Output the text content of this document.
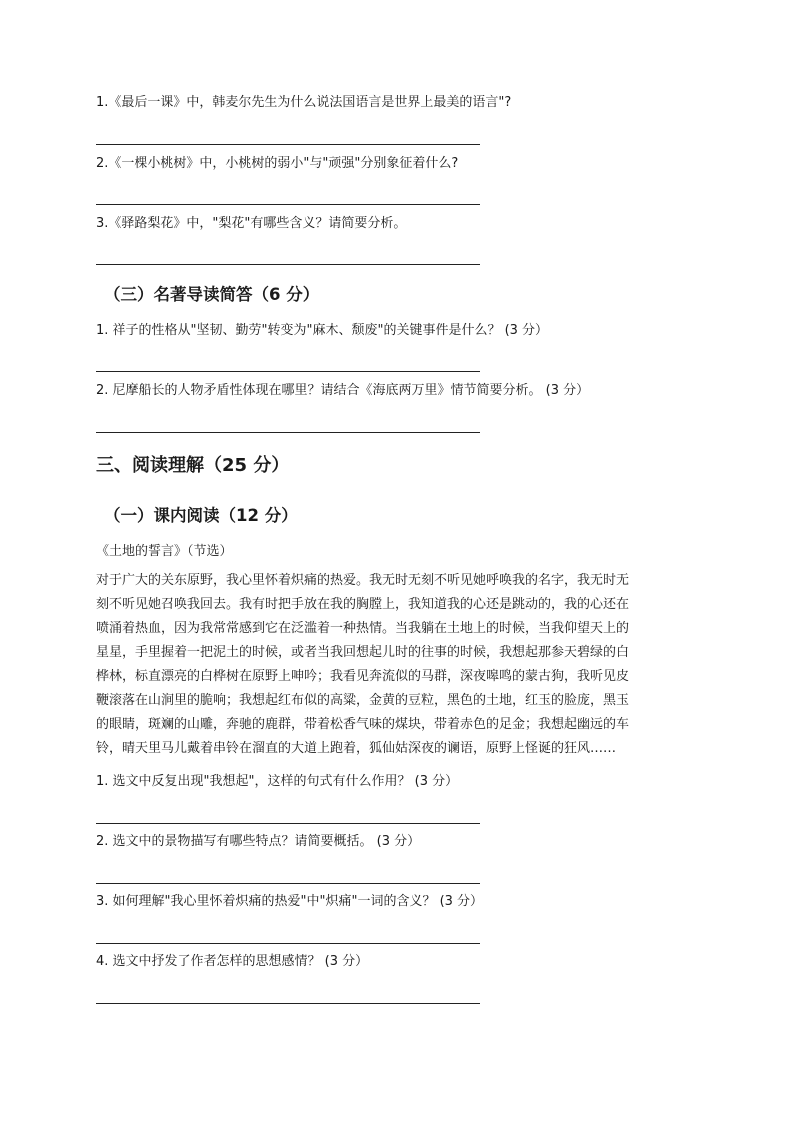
1.《最后一课》中，韩麦尔先生为什么说法国语言是世界上最美的语言"?
2.《一棵小桃树》中，小桃树的弱小"与"顽强"分别象征着什么?
3.《驿路梨花》中，"梨花"有哪些含义？请简要分析。
（三）名著导读简答（6 分）
1. 祥子的性格从"坚韧、勤劳"转变为"麻木、颓废"的关键事件是什么？ (3 分）
2. 尼摩船长的人物矛盾性体现在哪里？请结合《海底两万里》情节简要分析。 (3 分）
三、阅读理解（25 分）
（一）课内阅读（12 分）
《土地的誓言》（节选）
对于广大的关东原野，我心里怀着炽痛的热爱。我无时无刻不听见她呼唤我的名字，我无时无
刻不听见她召唤我回去。我有时把手放在我的胸膛上，我知道我的心还是跳动的，我的心还在
喷涌着热血，因为我常常感到它在泛滥着一种热情。当我躺在土地上的时候，当我仰望天上的
星星，手里握着一把泥土的时候，或者当我回想起儿时的往事的时候，我想起那参天碧绿的白
桦林，标直漂亮的白桦树在原野上呻吟；我看见奔流似的马群，深夜嗥鸣的蒙古狗，我听见皮
鞭滚落在山涧里的脆响；我想起红布似的高粱，金黄的豆粒，黑色的土地，红玉的脸庞，黑玉
的眼睛，斑斓的山雕，奔驰的鹿群，带着松香气味的煤块，带着赤色的足金；我想起幽远的车
铃，晴天里马儿戴着串铃在溜直的大道上跑着，狐仙姑深夜的谰语，原野上怪诞的狂风……
1. 选文中反复出现"我想起"，这样的句式有什么作用？ (3 分）
2. 选文中的景物描写有哪些特点？请简要概括。 (3 分）
3. 如何理解"我心里怀着炽痛的热爱"中"炽痛"一词的含义？ (3 分）
4. 选文中抒发了作者怎样的思想感情？ (3 分）
